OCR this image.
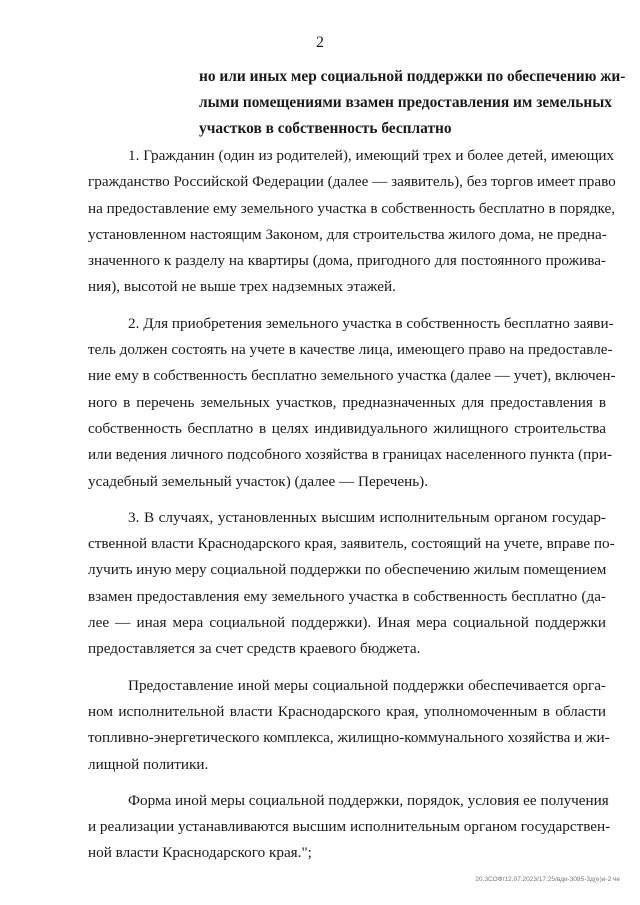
2
но или иных мер социальной поддержки по обеспечению жи-
лыми помещениями взамен предоставления им земельных
участков в собственность бесплатно
1. Гражданин (один из родителей), имеющий трех и более детей, имеющих
гражданство Российской Федерации (далее — заявитель), без торгов имеет право
на предоставление ему земельного участка в собственность бесплатно в порядке,
установленном настоящим Законом, для строительства жилого дома, не предна-
значенного к разделу на квартиры (дома, пригодного для постоянного прожива-
ния), высотой не выше трех надземных этажей.
2. Для приобретения земельного участка в собственность бесплатно заяви-
тель должен состоять на учете в качестве лица, имеющего право на предоставле-
ние ему в собственность бесплатно земельного участка (далее — учет), включен-
ного в перечень земельных участков, предназначенных для предоставления в
собственность бесплатно в целях индивидуального жилищного строительства
или ведения личного подсобного хозяйства в границах населенного пункта (при-
усадебный земельный участок) (далее — Перечень).
3. В случаях, установленных высшим исполнительным органом государ-
ственной власти Краснодарского края, заявитель, состоящий на учете, вправе по-
лучить иную меру социальной поддержки по обеспечению жилым помещением
взамен предоставления ему земельного участка в собственность бесплатно (да-
лее — иная мера социальной поддержки). Иная мера социальной поддержки
предоставляется за счет средств краевого бюджета.
Предоставление иной меры социальной поддержки обеспечивается орга-
ном исполнительной власти Краснодарского края, уполномоченным в области
топливно-энергетического комплекса, жилищно-коммунального хозяйства и жи-
лищной политики.
Форма иной меры социальной поддержки, порядок, условия ее получения
и реализации устанавливаются высшим исполнительным органом государствен-
ной власти Краснодарского края.";
20.3СОФ/12.07.2023/17:25/вди-3085-3д(е)и-2 че
